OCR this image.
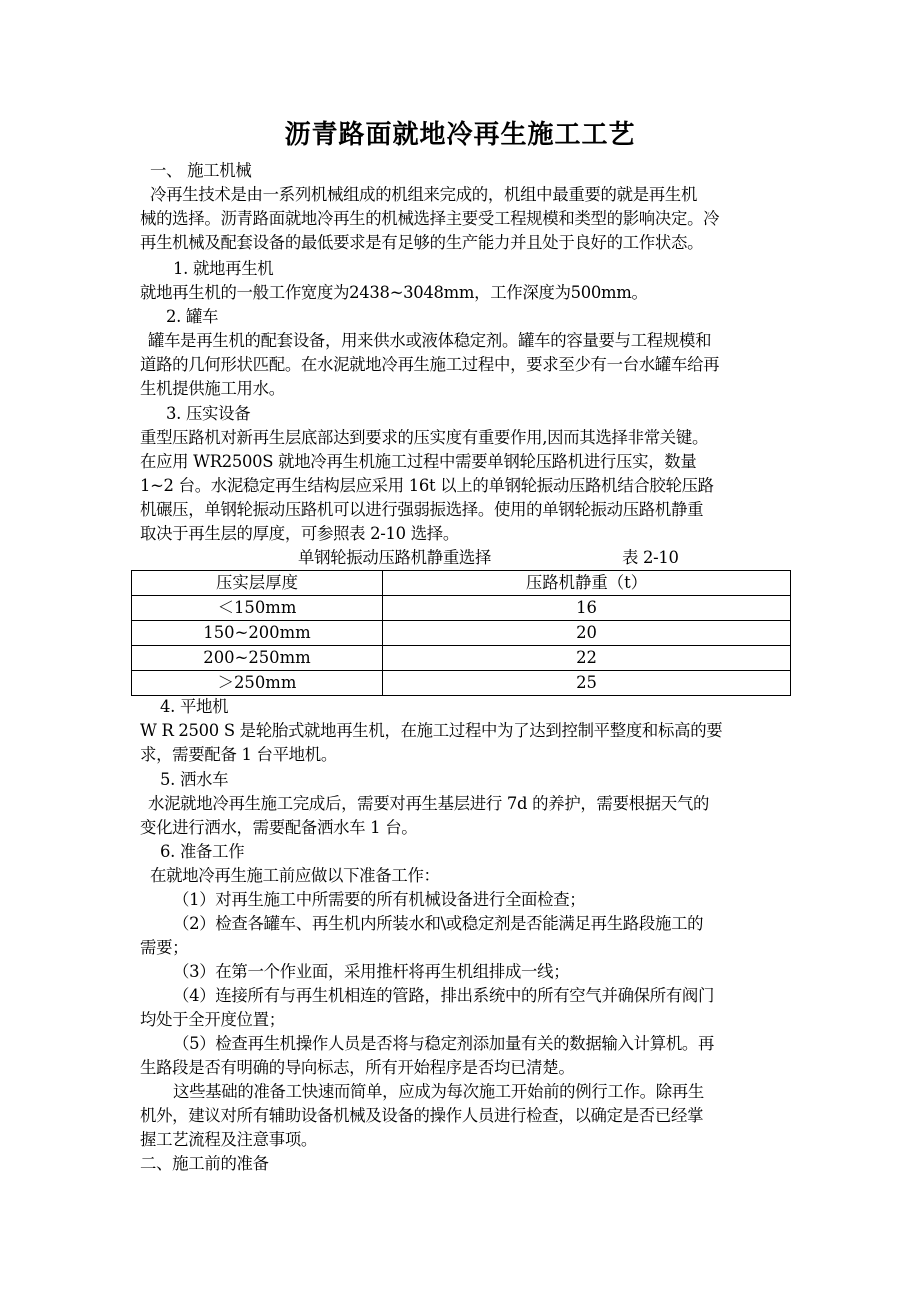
沥青路面就地冷再生施工工艺
一、 施工机械
冷再生技术是由一系列机械组成的机组来完成的，机组中最重要的就是再生机
械的选择。沥青路面就地冷再生的机械选择主要受工程规模和类型的影响决定。冷
再生机械及配套设备的最低要求是有足够的生产能力并且处于良好的工作状态。
1. 就地再生机
就地再生机的一般工作宽度为2438~3048mm，工作深度为500mm。
2. 罐车
罐车是再生机的配套设备，用来供水或液体稳定剂。罐车的容量要与工程规模和
道路的几何形状匹配。在水泥就地冷再生施工过程中，要求至少有一台水罐车给再
生机提供施工用水。
3. 压实设备
重型压路机对新再生层底部达到要求的压实度有重要作用,因而其选择非常关键。
在应用 WR2500S 就地冷再生机施工过程中需要单钢轮压路机进行压实，数量
1~2 台。水泥稳定再生结构层应采用 16t 以上的单钢轮振动压路机结合胶轮压路
机碾压，单钢轮振动压路机可以进行强弱振选择。使用的单钢轮振动压路机静重
取决于再生层的厚度，可参照表 2-10 选择。
单钢轮振动压路机静重选择	表 2-10
压实层厚度	压路机静重（t）
＜150mm	16
150~200mm	20
200~250mm	22
＞250mm	25
4. 平地机
W R 2500 S 是轮胎式就地再生机，在施工过程中为了达到控制平整度和标高的要
求，需要配备 1 台平地机。
5. 洒水车
水泥就地冷再生施工完成后，需要对再生基层进行 7d 的养护，需要根据天气的
变化进行洒水，需要配备洒水车 1 台。
6. 准备工作
在就地冷再生施工前应做以下准备工作：
（1）对再生施工中所需要的所有机械设备进行全面检查；
（2）检查各罐车、再生机内所装水和\或稳定剂是否能满足再生路段施工的
需要；
（3）在第一个作业面，采用推杆将再生机组排成一线；
（4）连接所有与再生机相连的管路，排出系统中的所有空气并确保所有阀门
均处于全开度位置；
（5）检查再生机操作人员是否将与稳定剂添加量有关的数据输入计算机。再
生路段是否有明确的导向标志，所有开始程序是否均已清楚。
这些基础的准备工快速而简单，应成为每次施工开始前的例行工作。除再生
机外，建议对所有辅助设备机械及设备的操作人员进行检查，以确定是否已经掌
握工艺流程及注意事项。
二、施工前的准备
